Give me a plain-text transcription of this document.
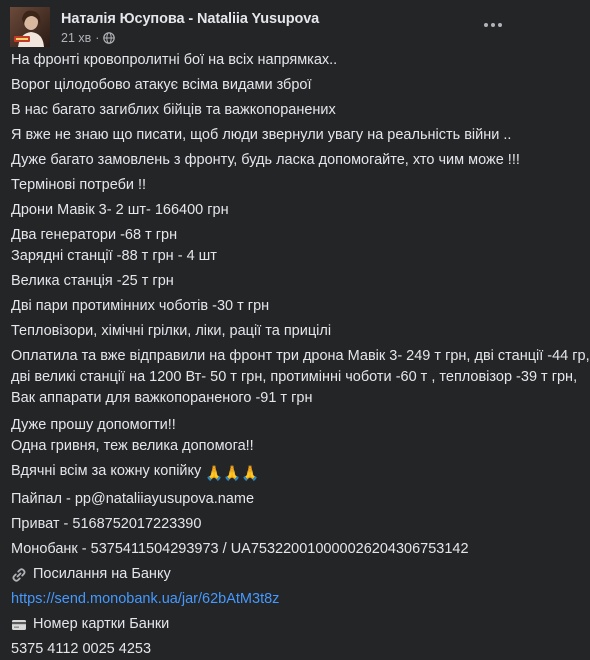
Наталія Юсупова - Nataliia Yusupova
21 хв ·

На фронті кровопролитні бої на всіх напрямках..

Ворог цілодобово атакує всіма видами зброї

В нас багато загиблих бійців та важкопоранених

Я вже не знаю що писати, щоб люди звернули увагу на реальність війни ..

Дуже багато замовлень з фронту, будь ласка допомогайте, хто чим може !!!

Термінові потреби !!

Дрони Мавік 3- 2 шт- 166400 грн

Два генератори -68 т грн

Зарядні станції -88 т грн - 4 шт

Велика станція -25 т грн

Дві пари протимінних чоботів -30 т грн

Тепловізори, хімічні грілки, ліки, рації та прицілі

Оплатила та вже відправили на фронт три дрона Мавік 3- 249 т грн, дві станції -44 гр,

дві великі станції на 1200 Вт- 50 т грн, протимінні чоботи -60 т , тепловізор -39 т грн,

Вак аппарати для важкопораненого -91 т грн

Дуже прошу допомогти!!

Одна гривня, теж велика допомога!!

Вдячні всім за кожну копійку 🙏🙏🙏

Пайпал - pp@nataliiayusupova.name

Приват - 5168752017223390

Монобанк - 5375411504293973 / UA753220010000026204306753142

Посилання на Банку

https://send.monobank.ua/jar/62bAtM3t8z

Номер картки Банки

5375 4112 0025 4253
